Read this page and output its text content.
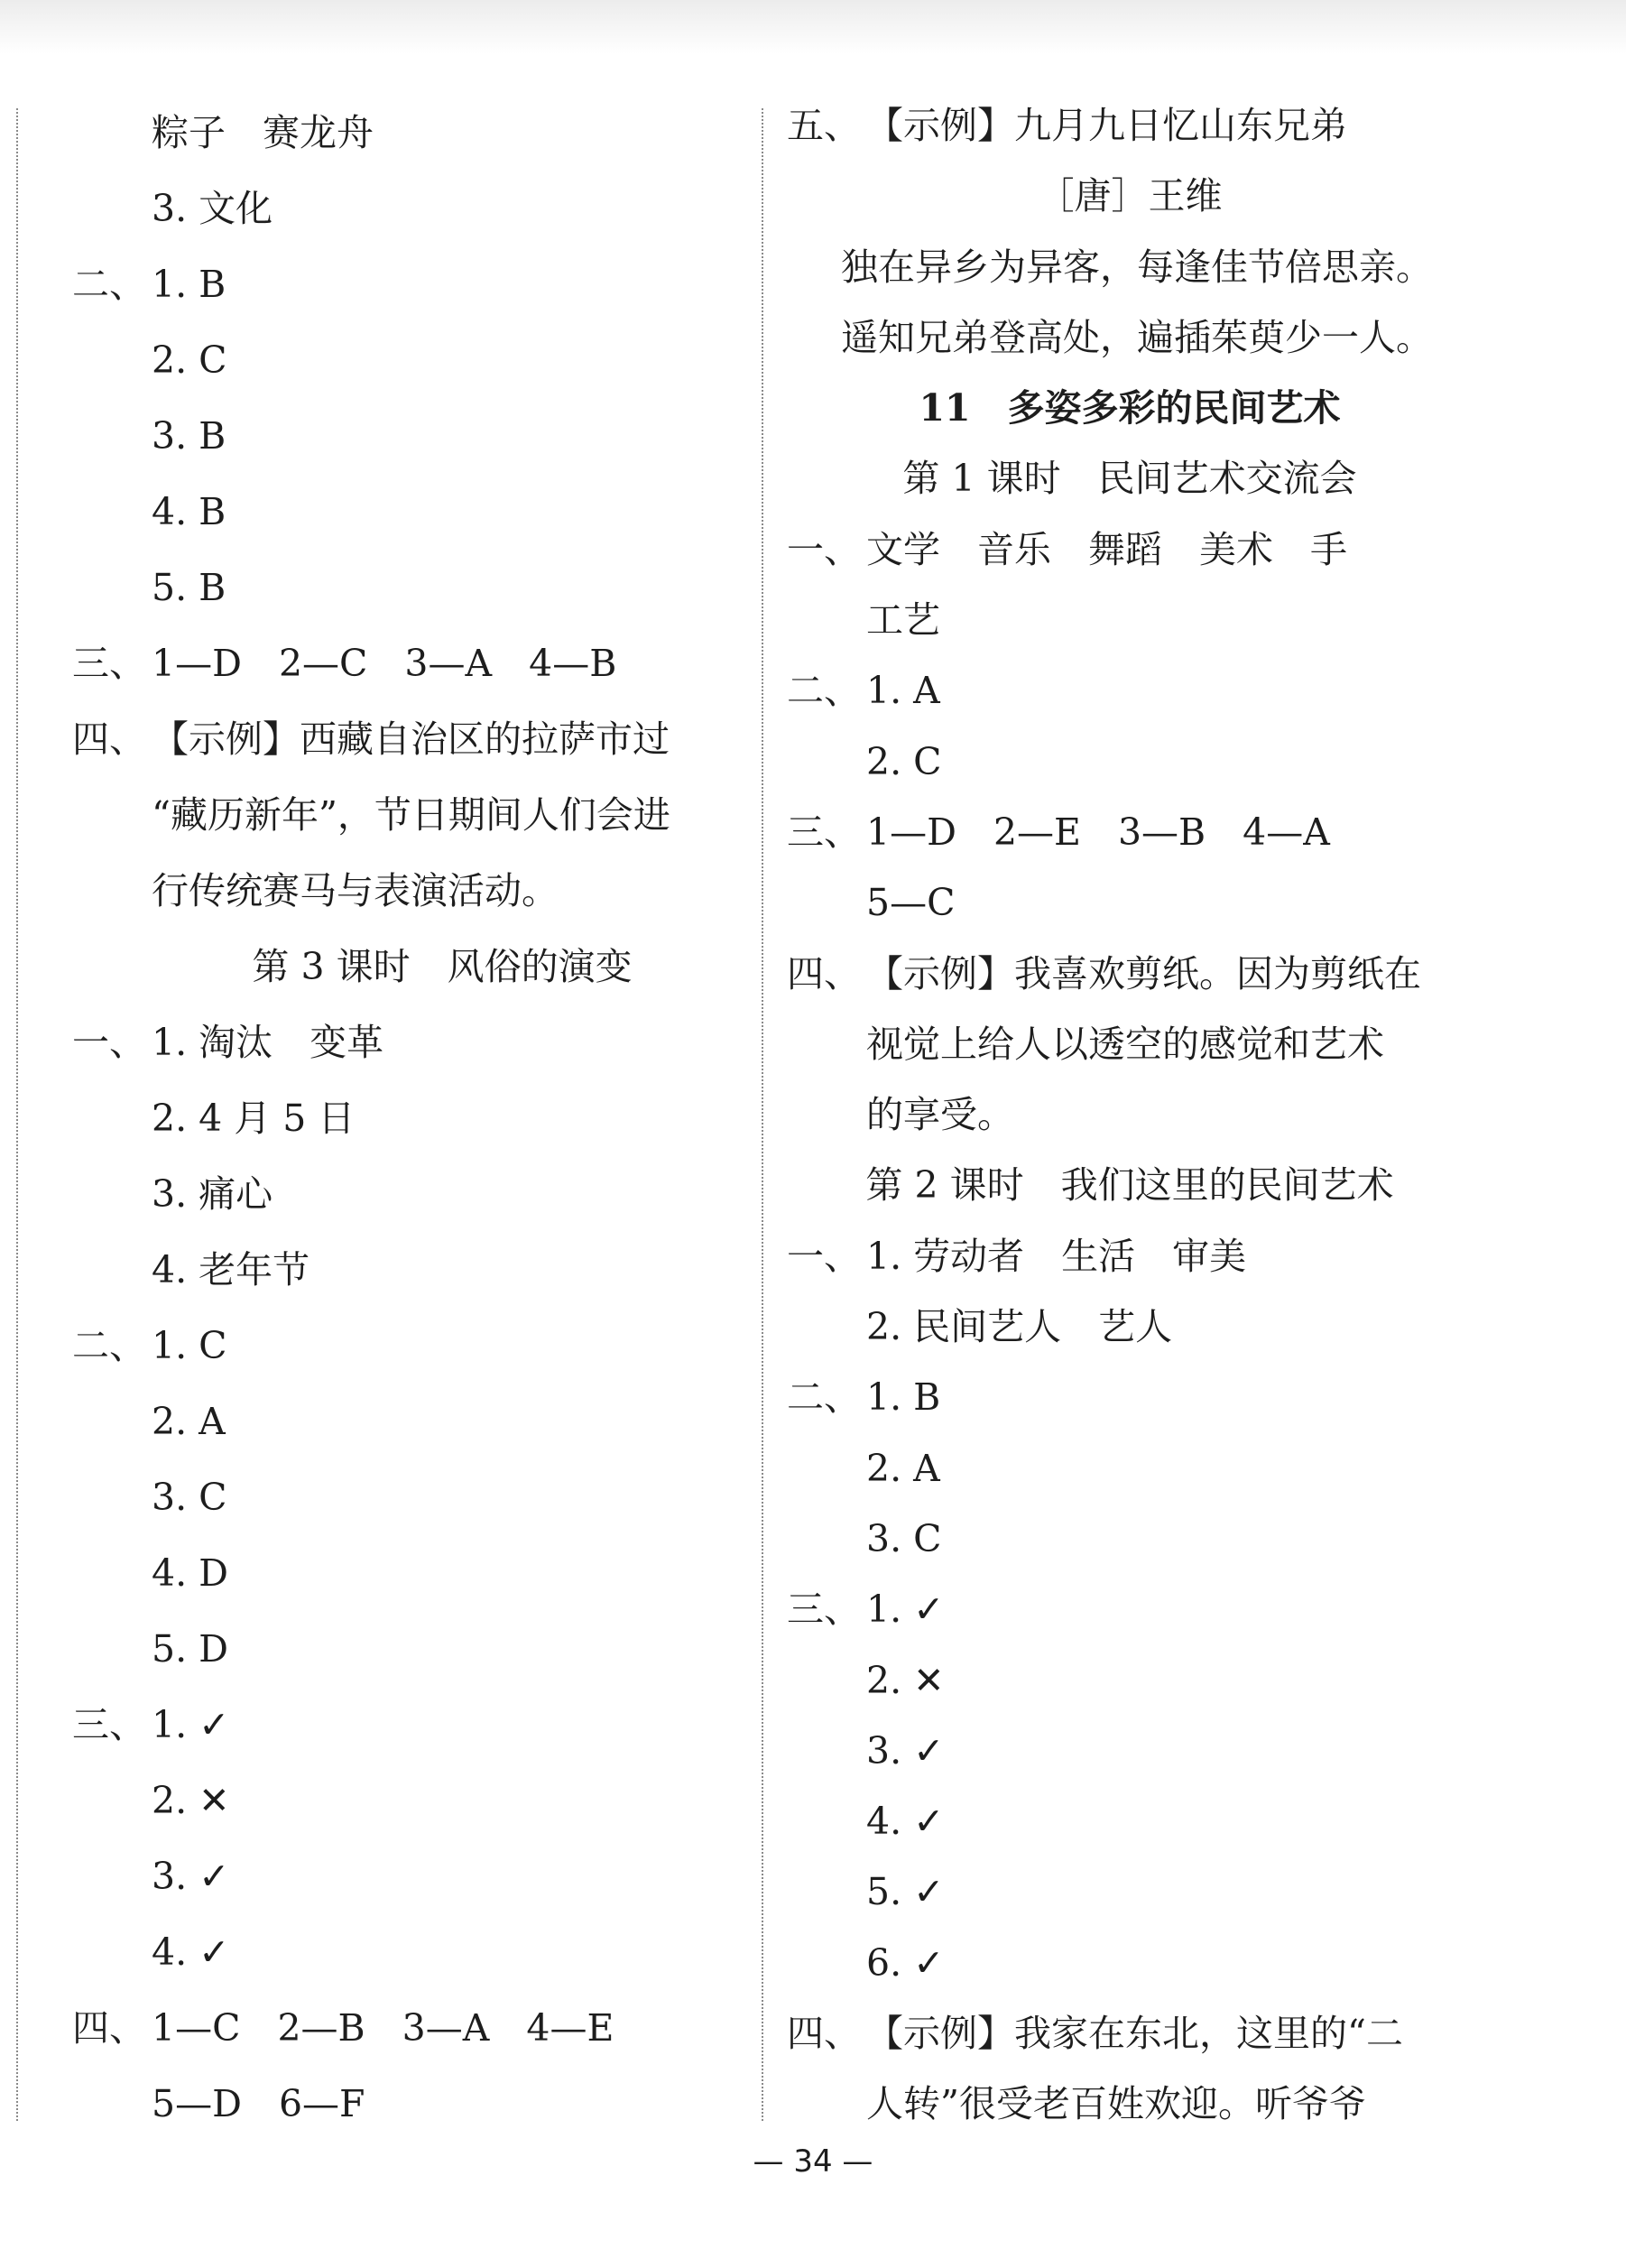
粽子　赛龙舟
3. 文化
二、 1. B
2. C
3. B
4. B
5. B
三、 1—D　2—C　3—A　4—B
四、 【示例】西藏自治区的拉萨市过
“藏历新年”，节日期间人们会进
行传统赛马与表演活动。
第 3 课时　风俗的演变
一、 1. 淘汰　变革
2. 4 月 5 日
3. 痛心
4. 老年节
二、 1. C
2. A
3. C
4. D
5. D
三、 1. ✓
2. ✕
3. ✓
4. ✓
四、 1—C　2—B　3—A　4—E
5—D　6—F
五、 【示例】九月九日忆山东兄弟
［唐］王维
独在异乡为异客，每逢佳节倍思亲。
遥知兄弟登高处，遍插茱萸少一人。
11　多姿多彩的民间艺术
第 1 课时　民间艺术交流会
一、 文学　音乐　舞蹈　美术　手
工艺
二、 1. A
2. C
三、 1—D　2—E　3—B　4—A
5—C
四、 【示例】我喜欢剪纸。因为剪纸在
视觉上给人以透空的感觉和艺术
的享受。
第 2 课时　我们这里的民间艺术
一、 1. 劳动者　生活　审美
2. 民间艺人　艺人
二、 1. B
2. A
3. C
三、 1. ✓
2. ✕
3. ✓
4. ✓
5. ✓
6. ✓
四、 【示例】我家在东北，这里的“二
人转”很受老百姓欢迎。听爷爷
— 34 —
